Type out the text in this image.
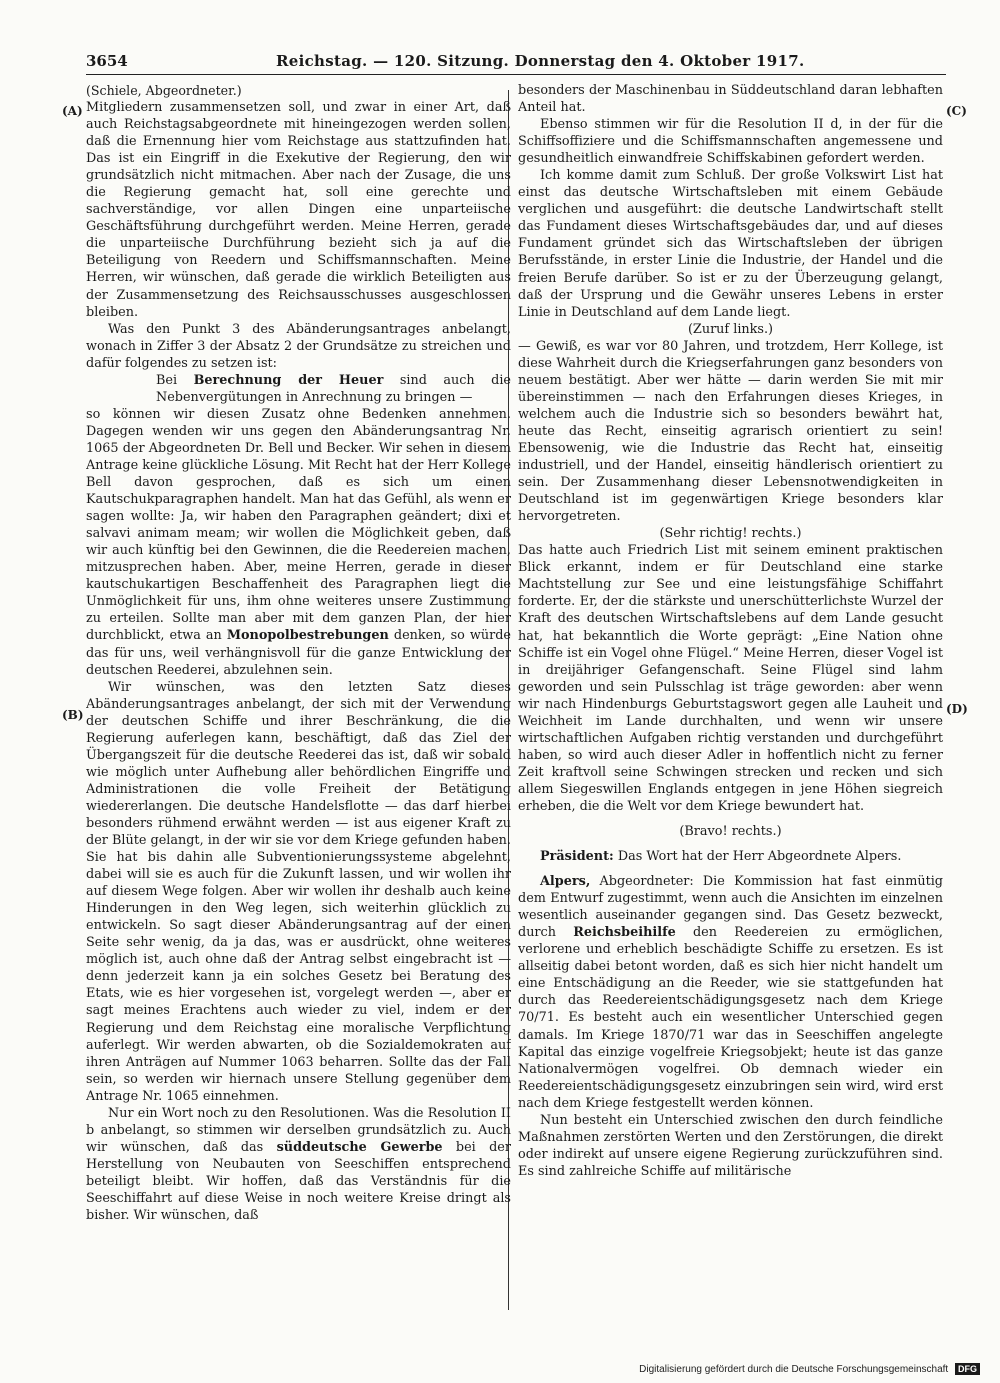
3654	Reichstag. — 120. Sitzung. Donnerstag den 4. Oktober 1917.
(A)
(B)
(C)
(D)

(Schiele, Abgeordneter.)

Mitgliedern zusammensetzen soll, und zwar in einer Art, daß auch Reichstagsabgeordnete mit hineingezogen werden sollen, daß die Ernennung hier vom Reichstage aus stattzufinden hat. Das ist ein Eingriff in die Exekutive der Regierung, den wir grundsätzlich nicht mitmachen. Aber nach der Zusage, die uns die Regierung gemacht hat, soll eine gerechte und sachverständige, vor allen Dingen eine unparteiische Geschäftsführung durchgeführt werden. Meine Herren, gerade die unparteiische Durchführung bezieht sich ja auf die Beteiligung von Reedern und Schiffsmannschaften. Meine Herren, wir wünschen, daß gerade die wirklich Beteiligten aus der Zusammensetzung des Reichsausschusses ausgeschlossen bleiben.

Was den Punkt 3 des Abänderungsantrages anbelangt, wonach in Ziffer 3 der Absatz 2 der Grundsätze zu streichen und dafür folgendes zu setzen ist:

Bei Berechnung der Heuer sind auch die Nebenvergütungen in Anrechnung zu bringen —

so können wir diesen Zusatz ohne Bedenken annehmen. Dagegen wenden wir uns gegen den Abänderungsantrag Nr. 1065 der Abgeordneten Dr. Bell und Becker. Wir sehen in diesem Antrage keine glückliche Lösung. Mit Recht hat der Herr Kollege Bell davon gesprochen, daß es sich um einen Kautschukparagraphen handelt. Man hat das Gefühl, als wenn er sagen wollte: Ja, wir haben den Paragraphen geändert; dixi et salvavi animam meam; wir wollen die Möglichkeit geben, daß wir auch künftig bei den Gewinnen, die die Reedereien machen, mitzusprechen haben. Aber, meine Herren, gerade in dieser kautschukartigen Beschaffenheit des Paragraphen liegt die Unmöglichkeit für uns, ihm ohne weiteres unsere Zustimmung zu erteilen. Sollte man aber mit dem ganzen Plan, der hier durchblickt, etwa an Monopolbestrebungen denken, so würde das für uns, weil verhängnisvoll für die ganze Entwicklung der deutschen Reederei, abzulehnen sein.

Wir wünschen, was den letzten Satz dieses Abänderungsantrages anbelangt, der sich mit der Verwendung der deutschen Schiffe und ihrer Beschränkung, die die Regierung auferlegen kann, beschäftigt, daß das Ziel der Übergangszeit für die deutsche Reederei das ist, daß wir sobald wie möglich unter Aufhebung aller behördlichen Eingriffe und Administrationen die volle Freiheit der Betätigung wiedererlangen. Die deutsche Handelsflotte — das darf hierbei besonders rühmend erwähnt werden — ist aus eigener Kraft zu der Blüte gelangt, in der wir sie vor dem Kriege gefunden haben. Sie hat bis dahin alle Subventionierungssysteme abgelehnt, dabei will sie es auch für die Zukunft lassen, und wir wollen ihr auf diesem Wege folgen. Aber wir wollen ihr deshalb auch keine Hinderungen in den Weg legen, sich weiterhin glücklich zu entwickeln. So sagt dieser Abänderungsantrag auf der einen Seite sehr wenig, da ja das, was er ausdrückt, ohne weiteres möglich ist, auch ohne daß der Antrag selbst eingebracht ist — denn jederzeit kann ja ein solches Gesetz bei Beratung des Etats, wie es hier vorgesehen ist, vorgelegt werden —, aber er sagt meines Erachtens auch wieder zu viel, indem er der Regierung und dem Reichstag eine moralische Verpflichtung auferlegt. Wir werden abwarten, ob die Sozialdemokraten auf ihren Anträgen auf Nummer 1063 beharren. Sollte das der Fall sein, so werden wir hiernach unsere Stellung gegenüber dem Antrage Nr. 1065 einnehmen.

Nur ein Wort noch zu den Resolutionen. Was die Resolution II b anbelangt, so stimmen wir derselben grundsätzlich zu. Auch wir wünschen, daß das süddeutsche Gewerbe bei der Herstellung von Neubauten von Seeschiffen entsprechend beteiligt bleibt. Wir hoffen, daß das Verständnis für die Seeschiffahrt auf diese Weise in noch weitere Kreise dringt als bisher. Wir wünschen, daß

besonders der Maschinenbau in Süddeutschland daran lebhaften Anteil hat.

Ebenso stimmen wir für die Resolution II d, in der für die Schiffsoffiziere und die Schiffsmannschaften angemessene und gesundheitlich einwandfreie Schiffskabinen gefordert werden.

Ich komme damit zum Schluß. Der große Volkswirt List hat einst das deutsche Wirtschaftsleben mit einem Gebäude verglichen und ausgeführt: die deutsche Landwirtschaft stellt das Fundament dieses Wirtschaftsgebäudes dar, und auf dieses Fundament gründet sich das Wirtschaftsleben der übrigen Berufsstände, in erster Linie die Industrie, der Handel und die freien Berufe darüber. So ist er zu der Überzeugung gelangt, daß der Ursprung und die Gewähr unseres Lebens in erster Linie in Deutschland auf dem Lande liegt.

(Zuruf links.)

— Gewiß, es war vor 80 Jahren, und trotzdem, Herr Kollege, ist diese Wahrheit durch die Kriegserfahrungen ganz besonders von neuem bestätigt. Aber wer hätte — darin werden Sie mit mir übereinstimmen — nach den Erfahrungen dieses Krieges, in welchem auch die Industrie sich so besonders bewährt hat, heute das Recht, einseitig agrarisch orientiert zu sein! Ebensowenig, wie die Industrie das Recht hat, einseitig industriell, und der Handel, einseitig händlerisch orientiert zu sein. Der Zusammenhang dieser Lebensnotwendigkeiten in Deutschland ist im gegenwärtigen Kriege besonders klar hervorgetreten.

(Sehr richtig! rechts.)

Das hatte auch Friedrich List mit seinem eminent praktischen Blick erkannt, indem er für Deutschland eine starke Machtstellung zur See und eine leistungsfähige Schiffahrt forderte. Er, der die stärkste und unerschütterlichste Wurzel der Kraft des deutschen Wirtschaftslebens auf dem Lande gesucht hat, hat bekanntlich die Worte geprägt: „Eine Nation ohne Schiffe ist ein Vogel ohne Flügel.“ Meine Herren, dieser Vogel ist in dreijähriger Gefangenschaft. Seine Flügel sind lahm geworden und sein Pulsschlag ist träge geworden: aber wenn wir nach Hindenburgs Geburtstagswort gegen alle Lauheit und Weichheit im Lande durchhalten, und wenn wir unsere wirtschaftlichen Aufgaben richtig verstanden und durchgeführt haben, so wird auch dieser Adler in hoffentlich nicht zu ferner Zeit kraftvoll seine Schwingen strecken und recken und sich allem Siegeswillen Englands entgegen in jene Höhen siegreich erheben, die die Welt vor dem Kriege bewundert hat.

(Bravo! rechts.)

Präsident: Das Wort hat der Herr Abgeordnete Alpers.

Alpers, Abgeordneter: Die Kommission hat fast einmütig dem Entwurf zugestimmt, wenn auch die Ansichten im einzelnen wesentlich auseinander gegangen sind. Das Gesetz bezweckt, durch Reichsbeihilfe den Reedereien zu ermöglichen, verlorene und erheblich beschädigte Schiffe zu ersetzen. Es ist allseitig dabei betont worden, daß es sich hier nicht handelt um eine Entschädigung an die Reeder, wie sie stattgefunden hat durch das Reedereientschädigungsgesetz nach dem Kriege 70/71. Es besteht auch ein wesentlicher Unterschied gegen damals. Im Kriege 1870/71 war das in Seeschiffen angelegte Kapital das einzige vogelfreie Kriegsobjekt; heute ist das ganze Nationalvermögen vogelfrei. Ob demnach wieder ein Reedereientschädigungsgesetz einzubringen sein wird, wird erst nach dem Kriege festgestellt werden können.

Nun besteht ein Unterschied zwischen den durch feindliche Maßnahmen zerstörten Werten und den Zerstörungen, die direkt oder indirekt auf unsere eigene Regierung zurückzuführen sind. Es sind zahlreiche Schiffe auf militärische

Digitalisierung gefördert durch die Deutsche Forschungsgemeinschaft DFG
